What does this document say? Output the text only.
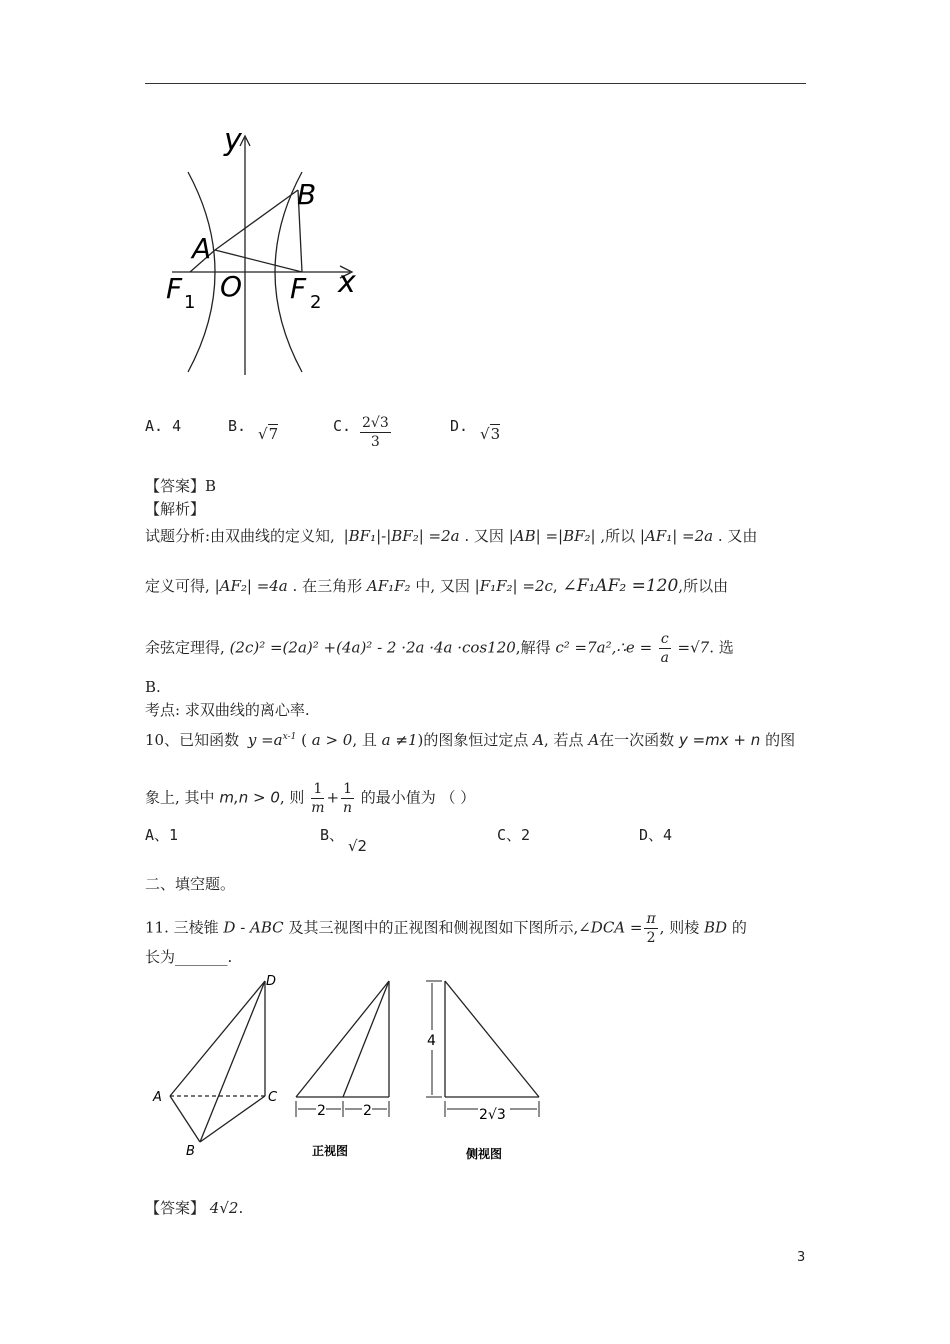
y
x
A
B
O
F 1	F 2
A. 4	B. √7	C. $\frac{2√3}{3}$	D. √3
【答案】B
【解析】
试题分析:由双曲线的定义知, |BF₁|-|BF₂| =2a . 又因 |AB| =|BF₂| ,所以 |AF₁| =2a . 又由
定义可得, |AF₂| =4a . 在三角形 AF₁F₂ 中, 又因 |F₁F₂| =2c, ∠F₁AF₂ =120,所以由
余弦定理得, (2c)² =(2a)² +(4a)² - 2 ·2a ·4a ·cos120,解得 c² =7a²,∴e = $\frac{c}{a} =√7$. 选
B.
考点: 求双曲线的离心率.
10、已知函数 $y =a^{x-1}$ ( a > 0, 且 a ≠1)的图象恒过定点 A, 若点 A在一次函数 y =mx + n 的图
象上, 其中 m,n > 0, 则 $\frac{1}{m} + \frac{1}{n}$ 的最小值为 （ ）
A、1	B、
√2
C、2	D、4
二、填空题。
11. 三棱锥 D - ABC 及其三视图中的正视图和侧视图如下图所示,∠DCA = $\frac{\pi}{2}$ , 则棱 BD 的
长为_______.
D
A	C
B
2	2
正视图
4
2√3
侧视图
【答案】 4√2.
3
